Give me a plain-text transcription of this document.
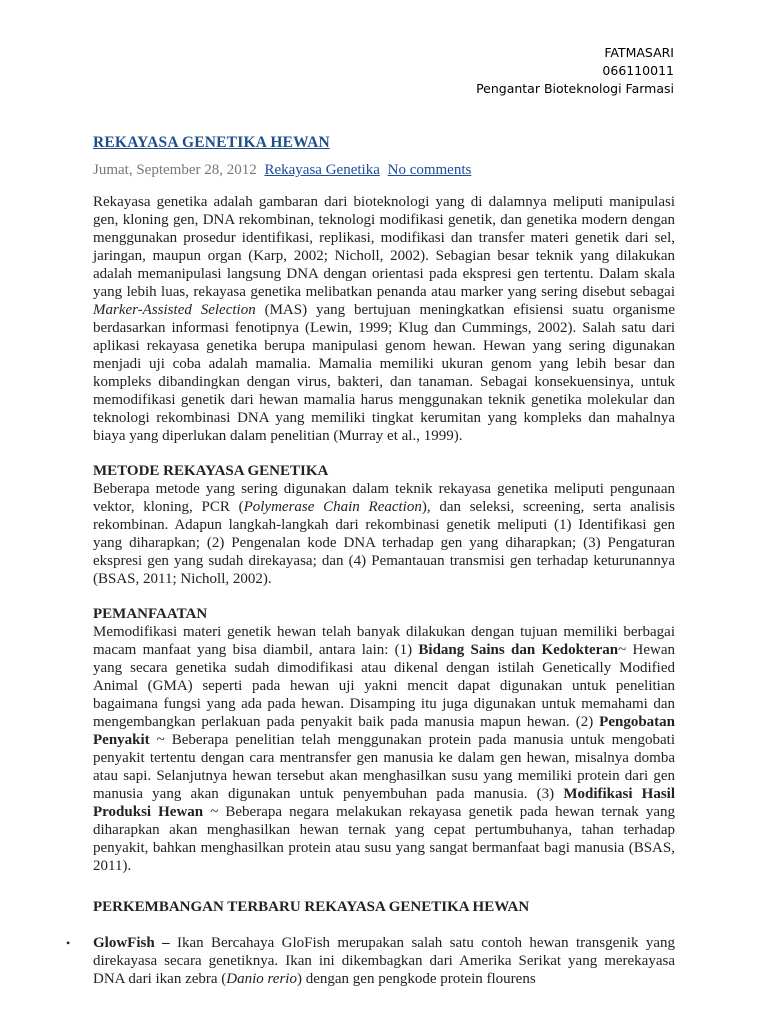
FATMASARI
066110011
Pengantar Bioteknologi Farmasi
REKAYASA GENETIKA HEWAN
Jumat, September 28, 2012 Rekayasa Genetika No comments

Rekayasa genetika adalah gambaran dari bioteknologi yang di dalamnya meliputi manipulasi gen, kloning gen, DNA rekombinan, teknologi modifikasi genetik, dan genetika modern dengan menggunakan prosedur identifikasi, replikasi, modifikasi dan transfer materi genetik dari sel, jaringan, maupun organ (Karp, 2002; Nicholl, 2002). Sebagian besar teknik yang dilakukan adalah memanipulasi langsung DNA dengan orientasi pada ekspresi gen tertentu. Dalam skala yang lebih luas, rekayasa genetika melibatkan penanda atau marker yang sering disebut sebagai Marker-Assisted Selection (MAS) yang bertujuan meningkatkan efisiensi suatu organisme berdasarkan informasi fenotipnya (Lewin, 1999; Klug dan Cummings, 2002). Salah satu dari aplikasi rekayasa genetika berupa manipulasi genom hewan. Hewan yang sering digunakan menjadi uji coba adalah mamalia. Mamalia memiliki ukuran genom yang lebih besar dan kompleks dibandingkan dengan virus, bakteri, dan tanaman. Sebagai konsekuensinya, untuk memodifikasi genetik dari hewan mamalia harus menggunakan teknik genetika molekular dan teknologi rekombinasi DNA yang memiliki tingkat kerumitan yang kompleks dan mahalnya biaya yang diperlukan dalam penelitian (Murray et al., 1999).

METODE REKAYASA GENETIKA

Beberapa metode yang sering digunakan dalam teknik rekayasa genetika meliputi pengunaan vektor, kloning, PCR (Polymerase Chain Reaction), dan seleksi, screening, serta analisis rekombinan. Adapun langkah-langkah dari rekombinasi genetik meliputi (1) Identifikasi gen yang diharapkan; (2) Pengenalan kode DNA terhadap gen yang diharapkan; (3) Pengaturan ekspresi gen yang sudah direkayasa; dan (4) Pemantauan transmisi gen terhadap keturunannya (BSAS, 2011; Nicholl, 2002).

PEMANFAATAN

Memodifikasi materi genetik hewan telah banyak dilakukan dengan tujuan memiliki berbagai macam manfaat yang bisa diambil, antara lain: (1) Bidang Sains dan Kedokteran~ Hewan yang secara genetika sudah dimodifikasi atau dikenal dengan istilah Genetically Modified Animal (GMA) seperti pada hewan uji yakni mencit dapat digunakan untuk penelitian bagaimana fungsi yang ada pada hewan. Disamping itu juga digunakan untuk memahami dan mengembangkan perlakuan pada penyakit baik pada manusia mapun hewan. (2) Pengobatan Penyakit ~ Beberapa penelitian telah menggunakan protein pada manusia untuk mengobati penyakit tertentu dengan cara mentransfer gen manusia ke dalam gen hewan, misalnya domba atau sapi. Selanjutnya hewan tersebut akan menghasilkan susu yang memiliki protein dari gen manusia yang akan digunakan untuk penyembuhan pada manusia. (3) Modifikasi Hasil Produksi Hewan ~ Beberapa negara melakukan rekayasa genetik pada hewan ternak yang diharapkan akan menghasilkan hewan ternak yang cepat pertumbuhanya, tahan terhadap penyakit, bahkan menghasilkan protein atau susu yang sangat bermanfaat bagi manusia (BSAS, 2011).

PERKEMBANGAN TERBARU REKAYASA GENETIKA HEWAN
• GlowFish – Ikan Bercahaya GloFish merupakan salah satu contoh hewan transgenik yang direkayasa secara genetiknya. Ikan ini dikembagkan dari Amerika Serikat yang merekayasa DNA dari ikan zebra (Danio rerio) dengan gen pengkode protein flourens
